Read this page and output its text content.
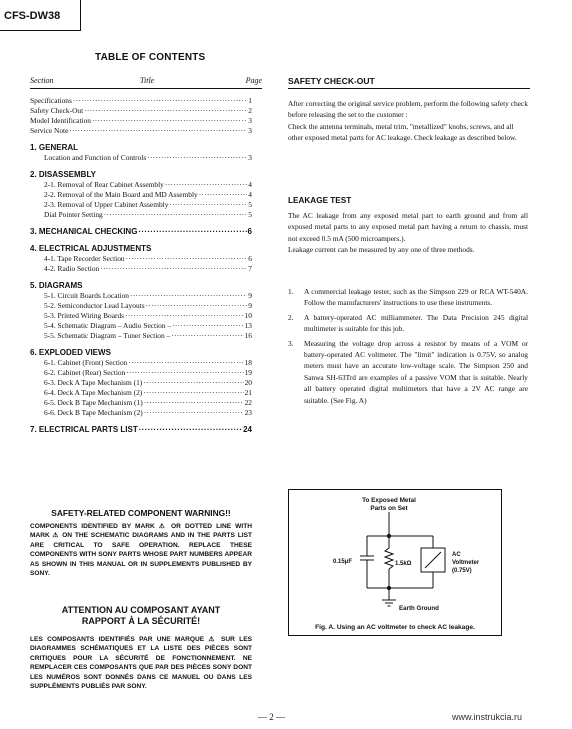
CFS-DW38
TABLE OF CONTENTS
Section	Title	Page
Specifications ·····	1
Safety Check-Out ·····	2
Model Identification ·····	3
Service Note ·····	3
1. GENERAL
Location and Function of Controls ·····	3
2. DISASSEMBLY
2-1. Removal of Rear Cabinet Assembly ·····	4
2-2. Removal of the Main Board and MD Assembly ·····	4
2-3. Removal of Upper Cabinet Assembly ·····	5
Dial Pointer Setting ·····	5
3. MECHANICAL CHECKING ·····	6
4. ELECTRICAL ADJUSTMENTS
4-1. Tape Recorder Section ·····	6
4-2. Radio Section ·····	7
5. DIAGRAMS
5-1. Circuit Boards Location ·····	9
5-2. Semiconductor Lead Layouts ·····	9
5-3. Printed Wiring Boards ·····	10
5-4. Schematic Diagram – Audio Section – ·····	13
5-5. Schematic Diagram – Tuner Section – ·····	16
6. EXPLODED VIEWS
6-1. Cabinet (Front) Section ·····	18
6-2. Cabinet (Rear) Section ·····	19
6-3. Deck A Tape Mechanism (1) ·····	20
6-4. Deck A Tape Mechanism (2) ·····	21
6-5. Deck B Tape Mechanism (1) ·····	22
6-6. Deck B Tape Mechanism (2) ·····	23
7. ELECTRICAL PARTS LIST ·····	24
SAFETY-RELATED COMPONENT WARNING!!
COMPONENTS IDENTIFIED BY MARK ⚠ OR DOTTED LINE WITH MARK ⚠ ON THE SCHEMATIC DIAGRAMS AND IN THE PARTS LIST ARE CRITICAL TO SAFE OPERATION. REPLACE THESE COMPONENTS WITH SONY PARTS WHOSE PART NUMBERS APPEAR AS SHOWN IN THIS MANUAL OR IN SUPPLEMENTS PUBLISHED BY SONY.
ATTENTION AU COMPOSANT AYANT
RAPPORT À LA SÉCURITÉ!
LES COMPOSANTS IDENTIFIÉS PAR UNE MARQUE ⚠ SUR LES DIAGRAMMES SCHÉMATIQUES ET LA LISTE DES PIÈCES SONT CRITIQUES POUR LA SÉCURITÉ DE FONCTIONNEMENT. NE REMPLACER CES COMPOSANTS QUE PAR DES PIÈCES SONY DONT LES NUMÉROS SONT DONNÉS DANS CE MANUEL OU DANS LES SUPPLÉMENTS PUBLIÉS PAR SONY.
SAFETY CHECK-OUT
After correcting the original service problem, perform the following safety check before releasing the set to the customer :
Check the antenna terminals, metal trim, "metallized" knobs, screws, and all other exposed metal parts for AC leakage. Check leakage as described below.
LEAKAGE TEST
The AC leakage from any exposed metal part to earth ground and from all exposed metal parts to any exposed metal part having a return to chassis, must not exceed 0.5 mA (500 microampers.).
Leakage current can be measured by any one of three methods.
1.	A commercial leakage tester, such as the Simpson 229 or RCA WT-540A. Follow the manufacturers' instructions to use these instruments.
2.	A battery-operated AC milliammeter. The Data Precision 245 digital multimeter is suitable for this job.
3.	Measuring the voltage drop across a resistor by means of a VOM or battery-operated AC voltmeter. The "limit" indication is 0.75V, so analog meters must have an accurate low-voltage scale. The Simpson 250 and Sanwa SH-63Trd are examples of a passive VOM that is suitable. Nearly all battery operated digital multimeters that have a 2V AC range are suitable. (See Fig. A)
To Exposed Metal
Parts on Set
0.15μF	1.5kΩ
AC
Voltmeter
(0.75V)
Earth Ground
Fig. A. Using an AC voltmeter to check AC leakage.
— 2 —	www.instrukcia.ru
